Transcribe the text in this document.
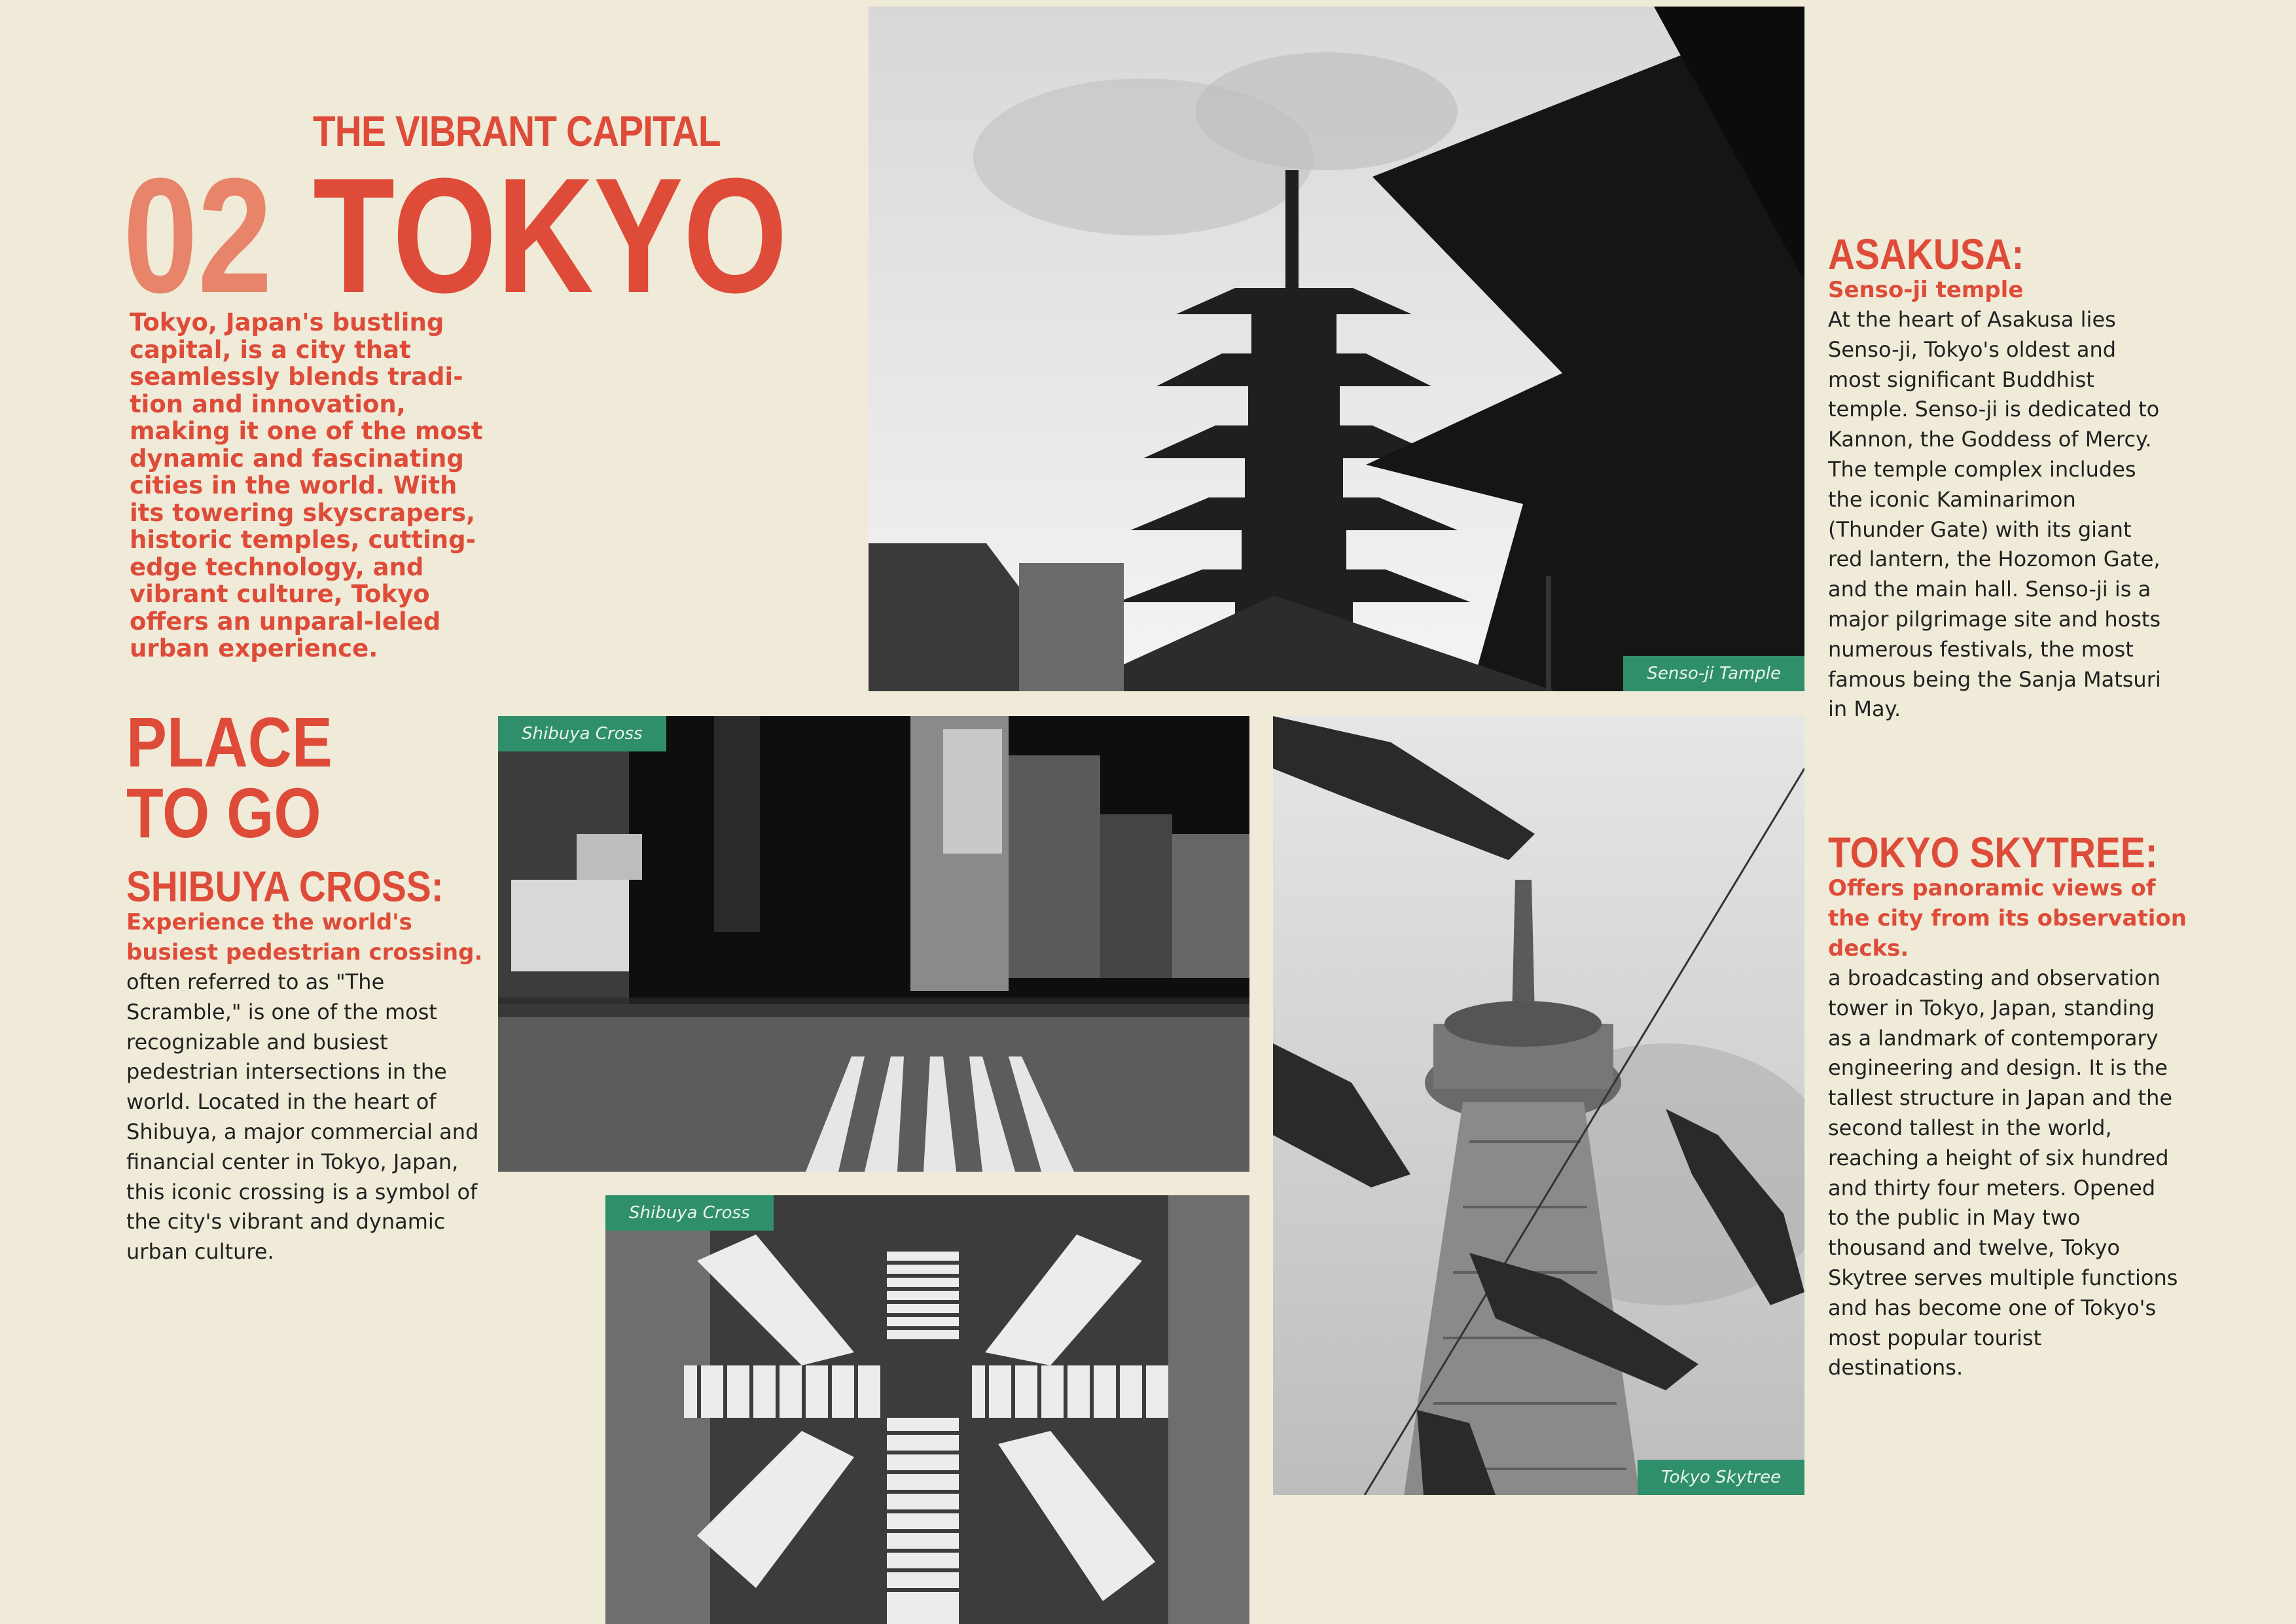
THE VIBRANT CAPITAL
02 TOKYO

Tokyo, Japan's bustling capital, is a city that seamlessly blends tradi-tion and innovation, making it one of the most dynamic and fascinating cities in the world. With its towering skyscrapers, historic temples, cutting-edge technology, and vibrant culture, Tokyo offers an unparal-leled urban experience.

PLACE
TO GO
SHIBUYA CROSS:
Experience the world's busiest pedestrian crossing.
often referred to as "The Scramble," is one of the most recognizable and busiest pedestrian intersections in the world. Located in the heart of Shibuya, a major commercial and financial center in Tokyo, Japan, this iconic crossing is a symbol of the city's vibrant and dynamic urban culture.
ASAKUSA:
Senso-ji temple
At the heart of Asakusa lies Senso-ji, Tokyo's oldest and most significant Buddhist temple. Senso-ji is dedicated to Kannon, the Goddess of Mercy. The temple complex includes the iconic Kaminarimon (Thunder Gate) with its giant red lantern, the Hozomon Gate, and the main hall. Senso-ji is a major pilgrimage site and hosts numerous festivals, the most famous being the Sanja Matsuri in May.
TOKYO SKYTREE:
Offers panoramic views of the city from its observation decks.
a broadcasting and observation tower in Tokyo, Japan, standing as a landmark of contemporary engineering and design. It is the tallest structure in Japan and the second tallest in the world, reaching a height of six hundred and thirty four meters. Opened to the public in May two thousand and twelve, Tokyo Skytree serves multiple functions and has become one of Tokyo's most popular tourist destinations.
Senso-ji Tample
Shibuya Cross
Shibuya Cross
Tokyo Skytree
